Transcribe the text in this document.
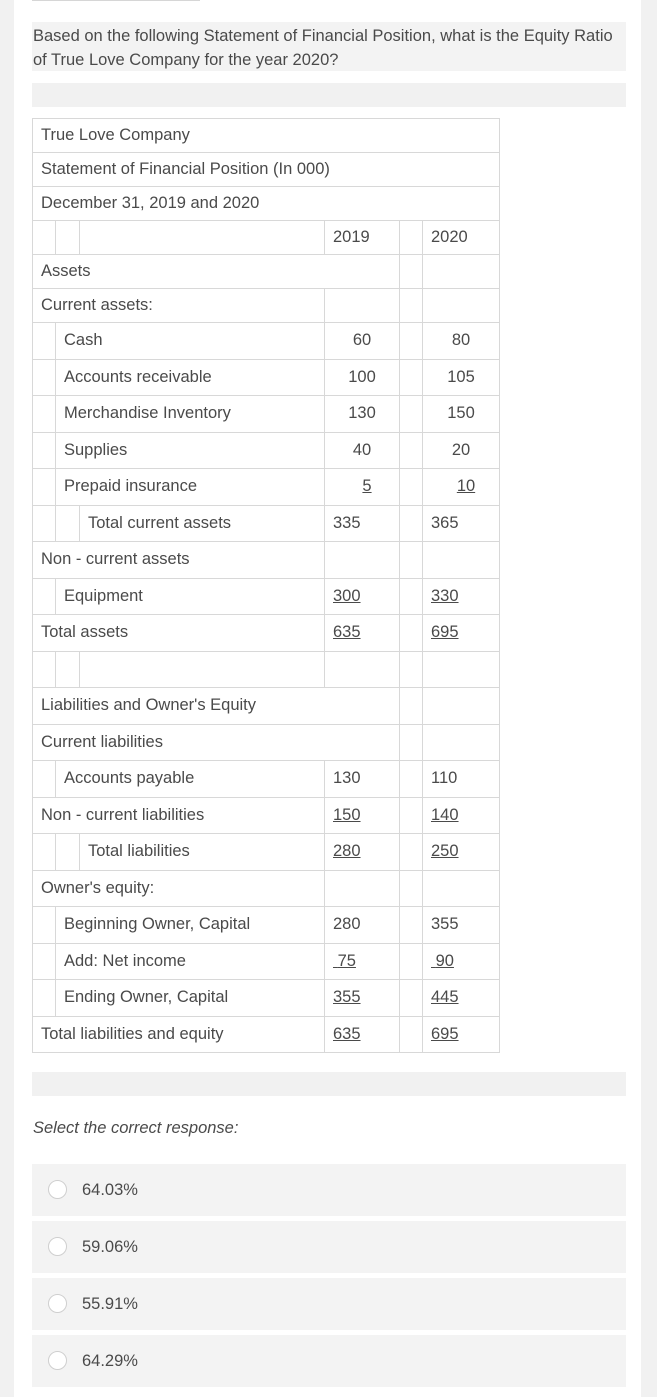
Based on the following Statement of Financial Position, what is the Equity Ratio of True Love Company for the year 2020?
True Love Company					
Statement of Financial Position (In 000)					
December 31, 2019 and 2020					
			2019		2020
Assets					
Current assets:					
	Cash		60		80
	Accounts receivable		100		105
	Merchandise Inventory		130		150
	Supplies		40		20
	Prepaid insurance		5		10
		Total current assets	335		365
Non - current assets					
	Equipment		300		330
Total assets			635		695

Liabilities and Owner's Equity					
Current liabilities					
	Accounts payable		130		110
Non - current liabilities			150		140
		Total liabilities	280		250
Owner's equity:					
	Beginning Owner, Capital		280		355
	Add: Net income		75		90
	Ending Owner, Capital		355		445
Total liabilities and equity			635		695
Select the correct response:
64.03%
59.06%
55.91%
64.29%
